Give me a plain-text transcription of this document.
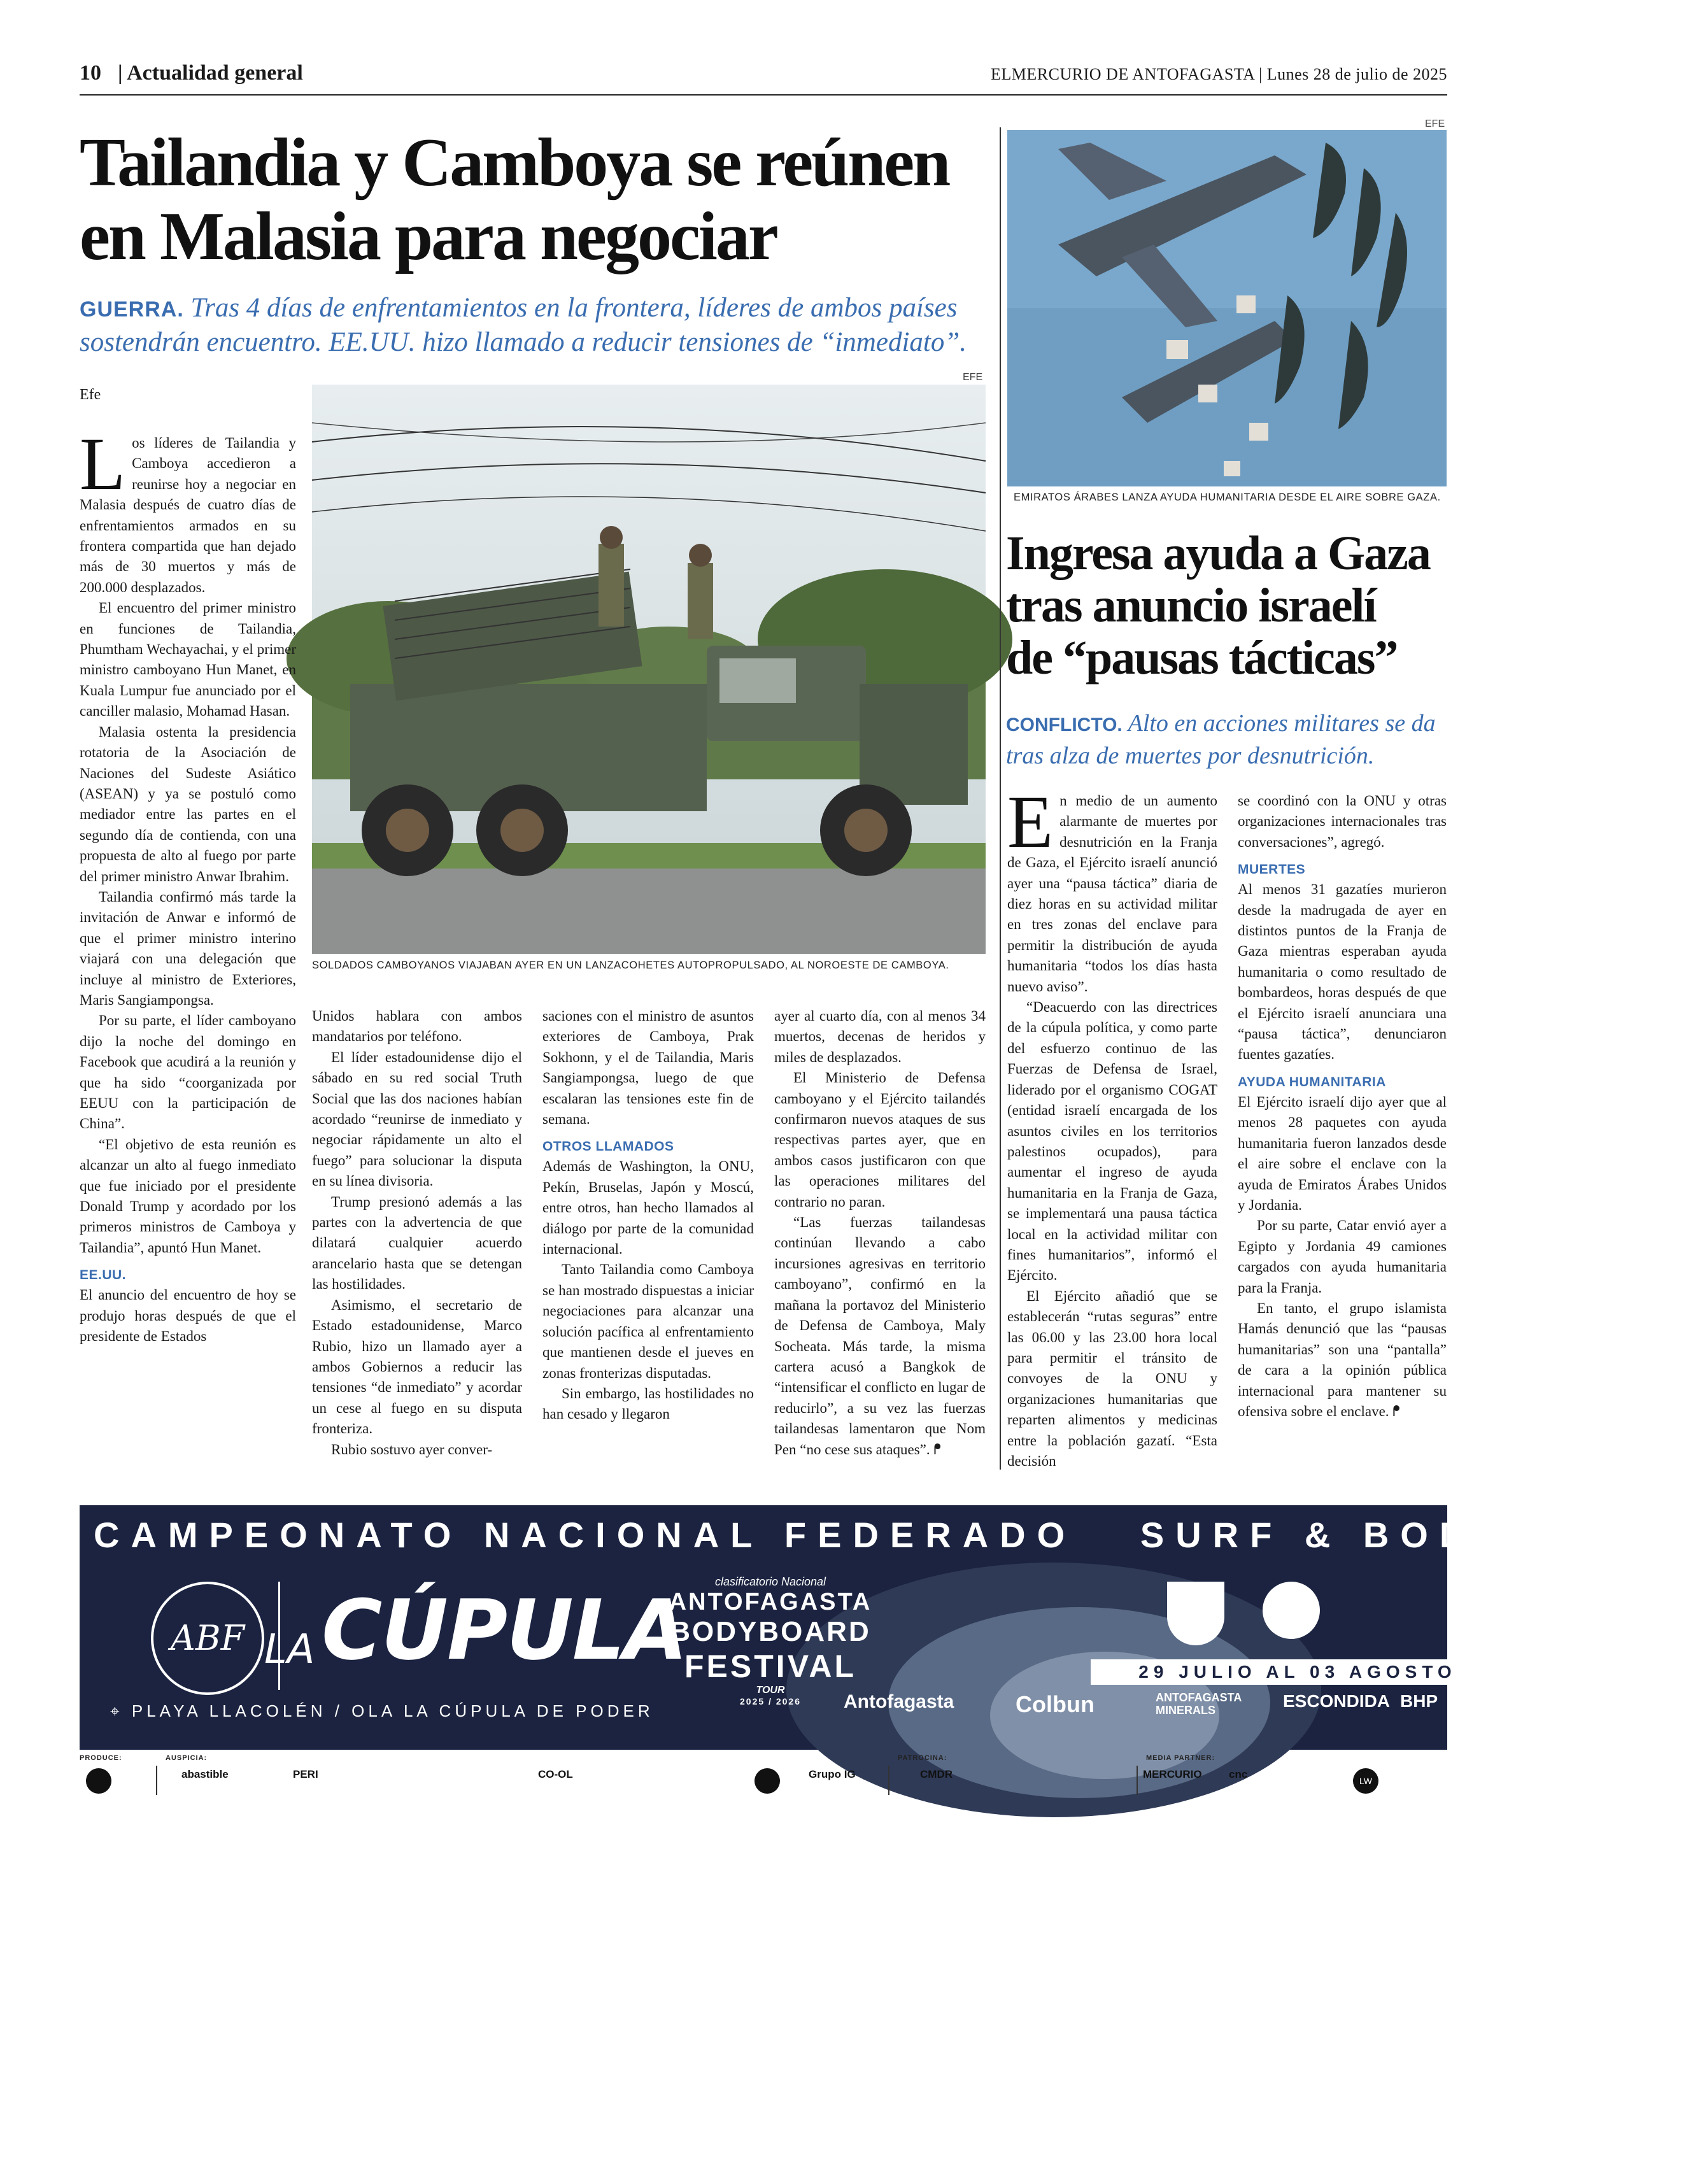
10 | Actualidad general	ELMERCURIO DE ANTOFAGASTA | Lunes 28 de julio de 2025
Tailandia y Camboya se reúnen
en Malasia para negociar
GUERRA. Tras 4 días de enfrentamientos en la frontera, líderes de ambos países sostendrán encuentro. EE.UU. hizo llamado a reducir tensiones de “inmediato”.
EFE
SOLDADOS CAMBOYANOS VIAJABAN AYER EN UN LANZACOHETES AUTOPROPULSADO, AL NOROESTE DE CAMBOYA.
Efe

Los líderes de Tailandia y Camboya accedieron a reunirse hoy a negociar en Malasia después de cuatro días de enfrentamientos armados en su frontera compartida que han dejado más de 30 muertos y más de 200.000 desplazados.

El encuentro del primer ministro en funciones de Tailandia, Phumtham Wechayachai, y el primer ministro camboyano Hun Manet, en Kuala Lumpur fue anunciado por el canciller malasio, Mohamad Hasan.

Malasia ostenta la presidencia rotatoria de la Asociación de Naciones del Sudeste Asiático (ASEAN) y ya se postuló como mediador entre las partes en el segundo día de contienda, con una propuesta de alto al fuego por parte del primer ministro Anwar Ibrahim.

Tailandia confirmó más tarde la invitación de Anwar e informó de que el primer ministro interino viajará con una delegación que incluye al ministro de Exteriores, Maris Sangiampongsa.

Por su parte, el líder camboyano dijo la noche del domingo en Facebook que acudirá a la reunión y que ha sido “coorganizada por EEUU con la participación de China”.

“El objetivo de esta reunión es alcanzar un alto al fuego inmediato que fue iniciado por el presidente Donald Trump y acordado por los primeros ministros de Camboya y Tailandia”, apuntó Hun Manet.

EE.UU.

El anuncio del encuentro de hoy se produjo horas después de que el presidente de Estados

Unidos hablara con ambos mandatarios por teléfono.

El líder estadounidense dijo el sábado en su red social Truth Social que las dos naciones habían acordado “reunirse de inmediato y negociar rápidamente un alto el fuego” para solucionar la disputa en su línea divisoria.

Trump presionó además a las partes con la advertencia de que dilatará cualquier acuerdo arancelario hasta que se detengan las hostilidades.

Asimismo, el secretario de Estado estadounidense, Marco Rubio, hizo un llamado ayer a ambos Gobiernos a reducir las tensiones “de inmediato” y acordar un cese al fuego en su disputa fronteriza.

Rubio sostuvo ayer conver-

saciones con el ministro de asuntos exteriores de Camboya, Prak Sokhonn, y el de Tailandia, Maris Sangiampongsa, luego de que escalaran las tensiones este fin de semana.

OTROS LLAMADOS

Además de Washington, la ONU, Pekín, Bruselas, Japón y Moscú, entre otros, han hecho llamados al diálogo por parte de la comunidad internacional.

Tanto Tailandia como Camboya se han mostrado dispuestas a iniciar negociaciones para alcanzar una solución pacífica al enfrentamiento que mantienen desde el jueves en zonas fronterizas disputadas.

Sin embargo, las hostilidades no han cesado y llegaron

ayer al cuarto día, con al menos 34 muertos, decenas de heridos y miles de desplazados.

El Ministerio de Defensa camboyano y el Ejército tailandés confirmaron nuevos ataques de sus respectivas partes ayer, que en ambos casos justificaron con que las operaciones militares del contrario no paran.

“Las fuerzas tailandesas continúan llevando a cabo incursiones agresivas en territorio camboyano”, confirmó en la mañana la portavoz del Ministerio de Defensa de Camboya, Maly Socheata. Más tarde, la misma cartera acusó a Bangkok de “intensificar el conflicto en lugar de reducirlo”, a su vez las fuerzas tailandesas lamentaron que Nom Pen “no cese sus ataques”. ᖰ

EFE
EMIRATOS ÁRABES LANZA AYUDA HUMANITARIA DESDE EL AIRE SOBRE GAZA.
Ingresa ayuda a Gaza
tras anuncio israelí
de “pausas tácticas”
CONFLICTO. Alto en acciones militares se da tras alza de muertes por desnutrición.

En medio de un aumento alarmante de muertes por desnutrición en la Franja de Gaza, el Ejército israelí anunció ayer una “pausa táctica” diaria de diez horas en su actividad militar en tres zonas del enclave para permitir la distribución de ayuda humanitaria “todos los días hasta nuevo aviso”.

“Deacuerdo con las directrices de la cúpula política, y como parte del esfuerzo continuo de las Fuerzas de Defensa de Israel, liderado por el organismo COGAT (entidad israelí encargada de los asuntos civiles en los territorios palestinos ocupados), para aumentar el ingreso de ayuda humanitaria en la Franja de Gaza, se implementará una pausa táctica local en la actividad militar con fines humanitarios”, informó el Ejército.

El Ejército añadió que se establecerán “rutas seguras” entre las 06.00 y las 23.00 hora local para permitir el tránsito de convoyes de la ONU y organizaciones humanitarias que reparten alimentos y medicinas entre la población gazatí. “Esta decisión

se coordinó con la ONU y otras organizaciones internacionales tras conversaciones”, agregó.

MUERTES

Al menos 31 gazatíes murieron desde la madrugada de ayer en distintos puntos de la Franja de Gaza mientras esperaban ayuda humanitaria o como resultado de bombardeos, horas después de que el Ejército israelí anunciara una “pausa táctica”, denunciaron fuentes gazatíes.

AYUDA HUMANITARIA

El Ejército israelí dijo ayer que al menos 28 paquetes con ayuda humanitaria fueron lanzados desde el aire sobre el enclave con la ayuda de Emiratos Árabes Unidos y Jordania.

Por su parte, Catar envió ayer a Egipto y Jordania 49 camiones cargados con ayuda humanitaria para la Franja.

En tanto, el grupo islamista Hamás denunció que las “pausas humanitarias” son una “pantalla” de cara a la opinión pública internacional para mantener su ofensiva sobre el enclave. ᖰ

CAMPEONATO NACIONAL FEDERADO SURF & BODYBOARD
ABF LA CÚPULA	clasificatorio Nacional
ANTOFAGASTA
BODYBOARD
FESTIVAL
TOUR
2025 / 2026
29 JULIO AL 03 AGOSTO
⌖ PLAYA LLACOLÉN / OLA LA CÚPULA DE PODER	Antofagasta	Colbun	ANTOFAGASTA MINERALS	ESCONDIDA BHP
PRODUCE:	AUSPICIA:
abastible	PERI	CO-OL	Grupo IG
PATROCINA:
CMDR
MEDIA PARTNER:
MERCURIO cnc
LW
